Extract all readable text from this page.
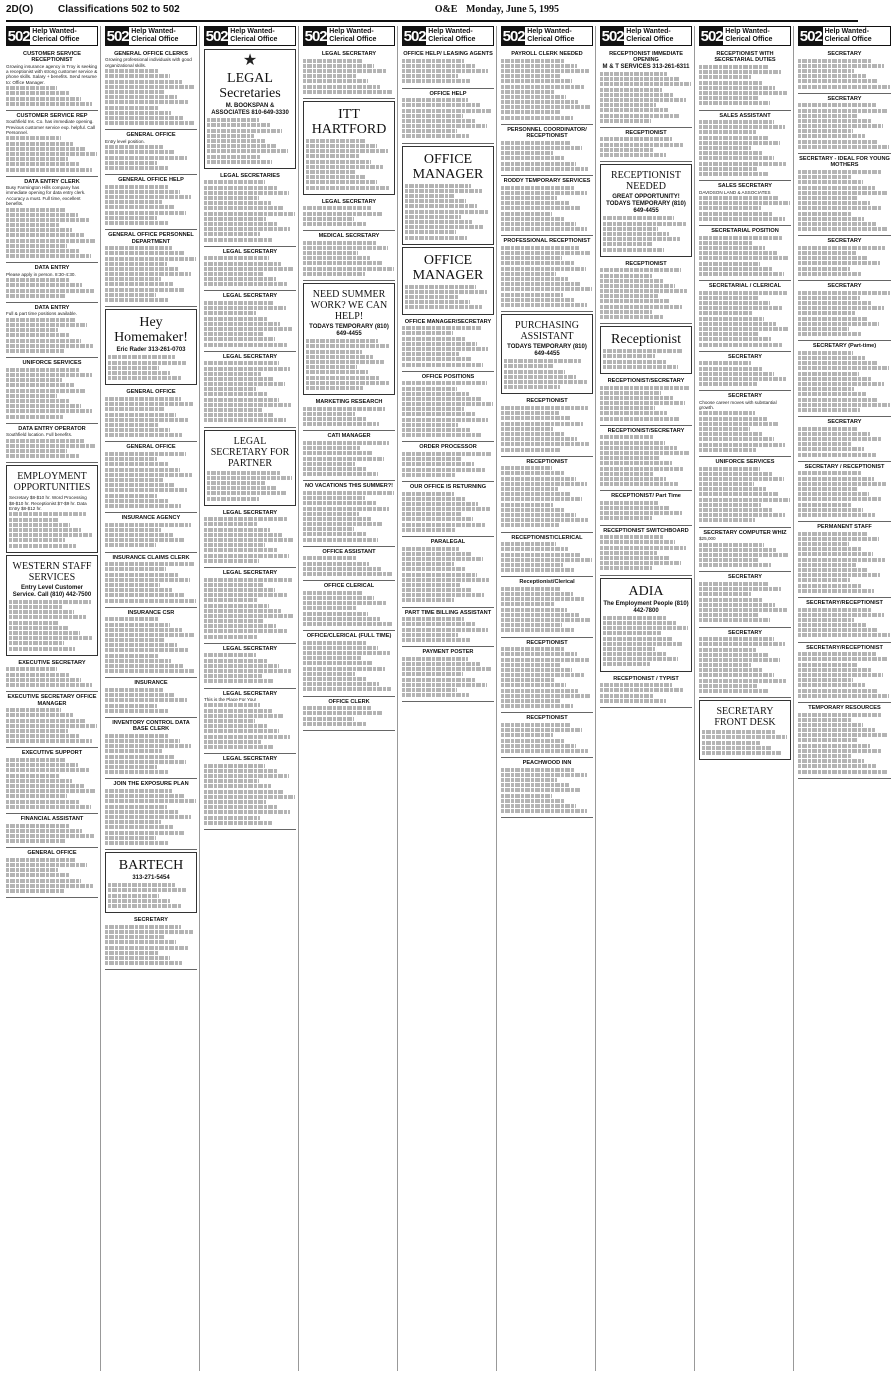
2D(O) Classifications 502 to 502	O&E Monday, June 5, 1995
502 Help Wanted-Clerical Office
CUSTOMER SERVICE RECEPTIONIST
Growing insurance agency in Troy is seeking a receptionist with strong customer service & phone skills. Salary + benefits. Send resume to: Office Manager.
CUSTOMER SERVICE REP
Southfield Ins. Co. has immediate opening. Previous customer service exp. helpful. Call Personnel.
DATA ENTRY CLERK
Busy Farmington Hills company has immediate opening for data entry clerk. Accuracy a must. Full time, excellent benefits.
DATA ENTRY
Please apply in person. 8:30-4:30.
DATA ENTRY
Full & part time positions available.
UNIFORCE SERVICES
DATA ENTRY OPERATOR
Southfield location. Full benefits.
EMPLOYMENT OPPORTUNITIES
Secretary $8-$10 hr. Word Processing $8-$10 hr. Receptionist $7-$9 hr. Data Entry $8-$12 hr.
WESTERN STAFF SERVICES
Entry Level Customer Service. Call (810) 442-7500
EXECUTIVE SECRETARY
EXECUTIVE SECRETARY OFFICE MANAGER
EXECUTIVE SUPPORT
FINANCIAL ASSISTANT
GENERAL OFFICE
502 Help Wanted-Clerical Office
GENERAL OFFICE CLERKS
Growing professional individuals with good organizational skills.
GENERAL OFFICE
Entry level position.
GENERAL OFFICE HELP
GENERAL OFFICE PERSONNEL DEPARTMENT
Hey Homemaker!
Eric Rader 313-261-0703
GENERAL OFFICE
GENERAL OFFICE
INSURANCE AGENCY
INSURANCE CLAIMS CLERK
INSURANCE CSR
INSURANCE
INVENTORY CONTROL DATA BASE CLERK
JOIN THE EXPOSURE PLAN
BARTECH
313-271-5454
SECRETARY
502 Help Wanted-Clerical Office
★
LEGAL Secretaries
M. BOOKSPAN & ASSOCIATES 810-649-3330
LEGAL SECRETARIES
LEGAL SECRETARY
LEGAL SECRETARY
LEGAL SECRETARY
LEGAL SECRETARY FOR PARTNER
LEGAL SECRETARY
LEGAL SECRETARY
LEGAL SECRETARY
LEGAL SECRETARY
This is the Place For You!
LEGAL SECRETARY
502 Help Wanted-Clerical Office
LEGAL SECRETARY
ITT HARTFORD
LEGAL SECRETARY
MEDICAL SECRETARY
NEED SUMMER WORK? WE CAN HELP!
TODAYS TEMPORARY (810) 649-4455
MARKETING RESEARCH
CATI MANAGER
NO VACATIONS THIS SUMMER?!
OFFICE ASSISTANT
OFFICE CLERICAL
OFFICE/CLERICAL (FULL TIME)
OFFICE CLERK
502 Help Wanted-Clerical Office
OFFICE HELP/ LEASING AGENTS
OFFICE HELP
OFFICE MANAGER
OFFICE MANAGER
OFFICE MANAGER/SECRETARY
OFFICE POSITIONS
ORDER PROCESSOR
OUR OFFICE IS RETURNING
PARALEGAL
PART TIME BILLING ASSISTANT
PAYMENT POSTER
502 Help Wanted-Clerical Office
PAYROLL CLERK NEEDED
PERSONNEL COORDINATOR/ RECEPTIONIST
RODDY TEMPORARY SERVICES
PROFESSIONAL RECEPTIONIST
PURCHASING ASSISTANT
TODAYS TEMPORARY (810) 649-4455
RECEPTIONIST
RECEPTIONIST
RECEPTIONIST/CLERICAL
Receptionist/Clerical
RECEPTIONIST
RECEPTIONIST
PEACHWOOD INN
502 Help Wanted-Clerical Office
RECEPTIONIST IMMEDIATE OPENING
M & T SERVICES 313-261-6311
RECEPTIONIST
RECEPTIONIST NEEDED
GREAT OPPORTUNITY! TODAYS TEMPORARY (810) 649-4455
RECEPTIONIST
Receptionist
RECEPTIONIST/SECRETARY
RECEPTIONIST/SECRETARY
RECEPTIONIST/ Part Time
RECEPTIONIST SWITCHBOARD
ADIA
The Employment People (810) 442-7800
RECEPTIONIST / TYPIST
502 Help Wanted-Clerical Office
RECEPTIONIST WITH SECRETARIAL DUTIES
SALES ASSISTANT
SALES SECRETARY
DAVIDSON LAND & ASSOCIATES
SECRETARIAL POSITION
SECRETARIAL / CLERICAL
SECRETARY
SECRETARY
Choose career moves with substantial growth.
UNIFORCE SERVICES
SECRETARY COMPUTER WHIZ
$25,000
SECRETARY
SECRETARY
SECRETARY FRONT DESK
502 Help Wanted-Clerical Office
SECRETARY
SECRETARY
SECRETARY - IDEAL FOR YOUNG MOTHERS
SECRETARY
SECRETARY
SECRETARY (Part-time)
SECRETARY
SECRETARY / RECEPTIONIST
PERMANENT STAFF
SECRETARY/RECEPTIONIST
SECRETARY/RECEPTIONIST
TEMPORARY RESOURCES
